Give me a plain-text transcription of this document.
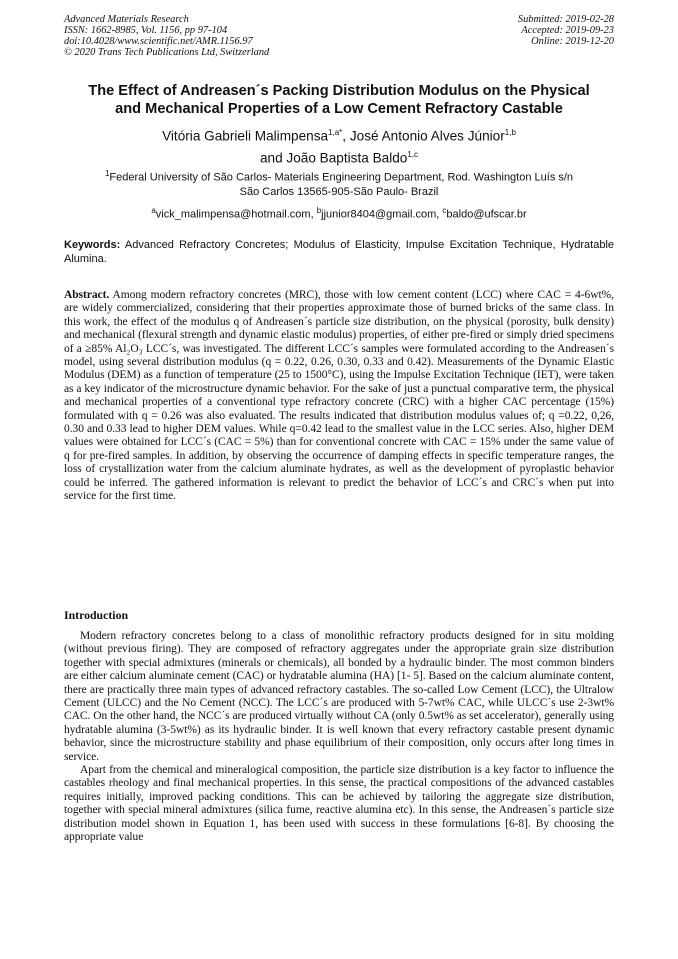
Advanced Materials Research
ISSN: 1662-8985, Vol. 1156, pp 97-104
doi:10.4028/www.scientific.net/AMR.1156.97
© 2020 Trans Tech Publications Ltd, Switzerland
Submitted: 2019-02-28
Accepted: 2019-09-23
Online: 2019-12-20
The Effect of Andreasen´s Packing Distribution Modulus on the Physical
and Mechanical Properties of a Low Cement Refractory Castable
Vitória Gabrieli Malimpensa$^{1,a*}$, José Antonio Alves Júnior$^{1,b}$
and João Baptista Baldo$^{1,c}$
$^1$Federal University of São Carlos- Materials Engineering Department, Rod. Washington Luís s/n
São Carlos 13565-905-São Paulo- Brazil
$^a$vick_malimpensa@hotmail.com, $^b$jjunior8404@gmail.com, $^c$baldo@ufscar.br
Keywords: Advanced Refractory Concretes; Modulus of Elasticity, Impulse Excitation Technique, Hydratable Alumina.
Abstract. Among modern refractory concretes (MRC), those with low cement content (LCC) where CAC = 4-6wt%, are widely commercialized, considering that their properties approximate those of burned bricks of the same class. In this work, the effect of the modulus q of Andreasen´s particle size distribution, on the physical (porosity, bulk density) and mechanical (flexural strength and dynamic elastic modulus) properties, of either pre-fired or simply dried specimens of a ≥85% Al₂O₃ LCC´s, was investigated. The different LCC´s samples were formulated according to the Andreasen´s model, using several distribution modulus (q = 0.22, 0.26, 0.30, 0.33 and 0.42). Measurements of the Dynamic Elastic Modulus (DEM) as a function of temperature (25 to 1500°C), using the Impulse Excitation Technique (IET), were taken as a key indicator of the microstructure dynamic behavior. For the sake of just a punctual comparative term, the physical and mechanical properties of a conventional type refractory concrete (CRC) with a higher CAC percentage (15%) formulated with q = 0.26 was also evaluated. The results indicated that distribution modulus values of; q =0.22, 0,26, 0.30 and 0.33 lead to higher DEM values. While q=0.42 lead to the smallest value in the LCC series. Also, higher DEM values were obtained for LCC´s (CAC = 5%) than for conventional concrete with CAC = 15% under the same value of q for pre-fired samples. In addition, by observing the occurrence of damping effects in specific temperature ranges, the loss of crystallization water from the calcium aluminate hydrates, as well as the development of pyroplastic behavior could be inferred. The gathered information is relevant to predict the behavior of LCC´s and CRC´s when put into service for the first time.
Introduction

Modern refractory concretes belong to a class of monolithic refractory products designed for in situ molding (without previous firing). They are composed of refractory aggregates under the appropriate grain size distribution together with special admixtures (minerals or chemicals), all bonded by a hydraulic binder. The most common binders are either calcium aluminate cement (CAC) or hydratable alumina (HA) [1- 5]. Based on the calcium aluminate content, there are practically three main types of advanced refractory castables. The so-called Low Cement (LCC), the Ultralow Cement (ULCC) and the No Cement (NCC). The LCC´s are produced with 5-7wt% CAC, while ULCC´s use 2-3wt% CAC. On the other hand, the NCC´s are produced virtually without CA (only 0.5wt% as set accelerator), generally using hydratable alumina (3-5wt%) as its hydraulic binder. It is well known that every refractory castable present dynamic behavior, since the microstructure stability and phase equilibrium of their composition, only occurs after long times in service.

Apart from the chemical and mineralogical composition, the particle size distribution is a key factor to influence the castables rheology and final mechanical properties. In this sense, the practical compositions of the advanced castables requires initially, improved packing conditions. This can be achieved by tailoring the aggregate size distribution, together with special mineral admixtures (silica fume, reactive alumina etc). In this sense, the Andreasen´s particle size distribution model shown in Equation 1, has been used with success in these formulations [6-8]. By choosing the appropriate value
